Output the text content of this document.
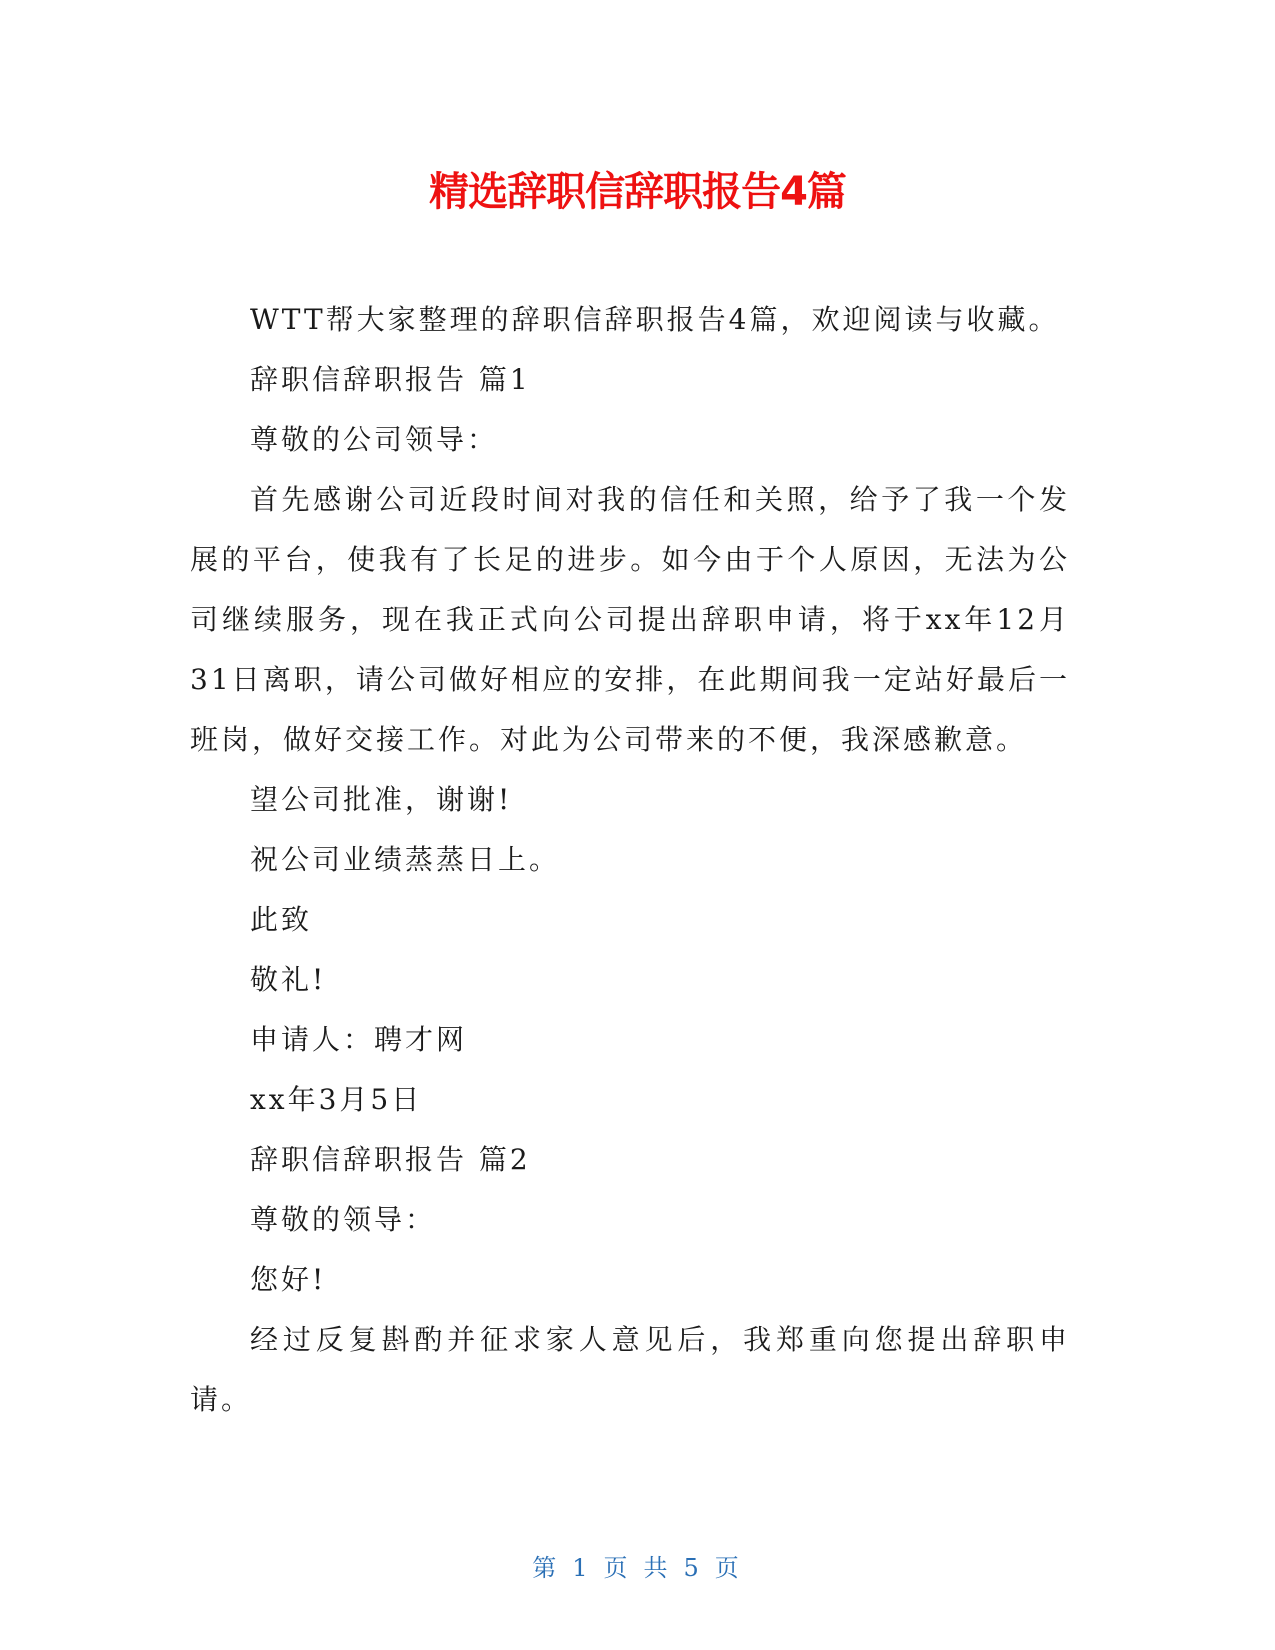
精选辞职信辞职报告4篇
WTT帮大家整理的辞职信辞职报告4篇，欢迎阅读与收藏。
辞职信辞职报告 篇1
尊敬的公司领导：

首先感谢公司近段时间对我的信任和关照，给予了我一个发展的平台，使我有了长足的进步。如今由于个人原因，无法为公司继续服务，现在我正式向公司提出辞职申请，将于xx年12月31日离职，请公司做好相应的安排，在此期间我一定站好最后一班岗，做好交接工作。对此为公司带来的不便，我深感歉意。

望公司批准，谢谢!
祝公司业绩蒸蒸日上。
此致
敬礼!
申请人：聘才网
xx年3月5日
辞职信辞职报告 篇2
尊敬的领导：
您好!

经过反复斟酌并征求家人意见后，我郑重向您提出辞职申请。

第 1 页 共 5 页
